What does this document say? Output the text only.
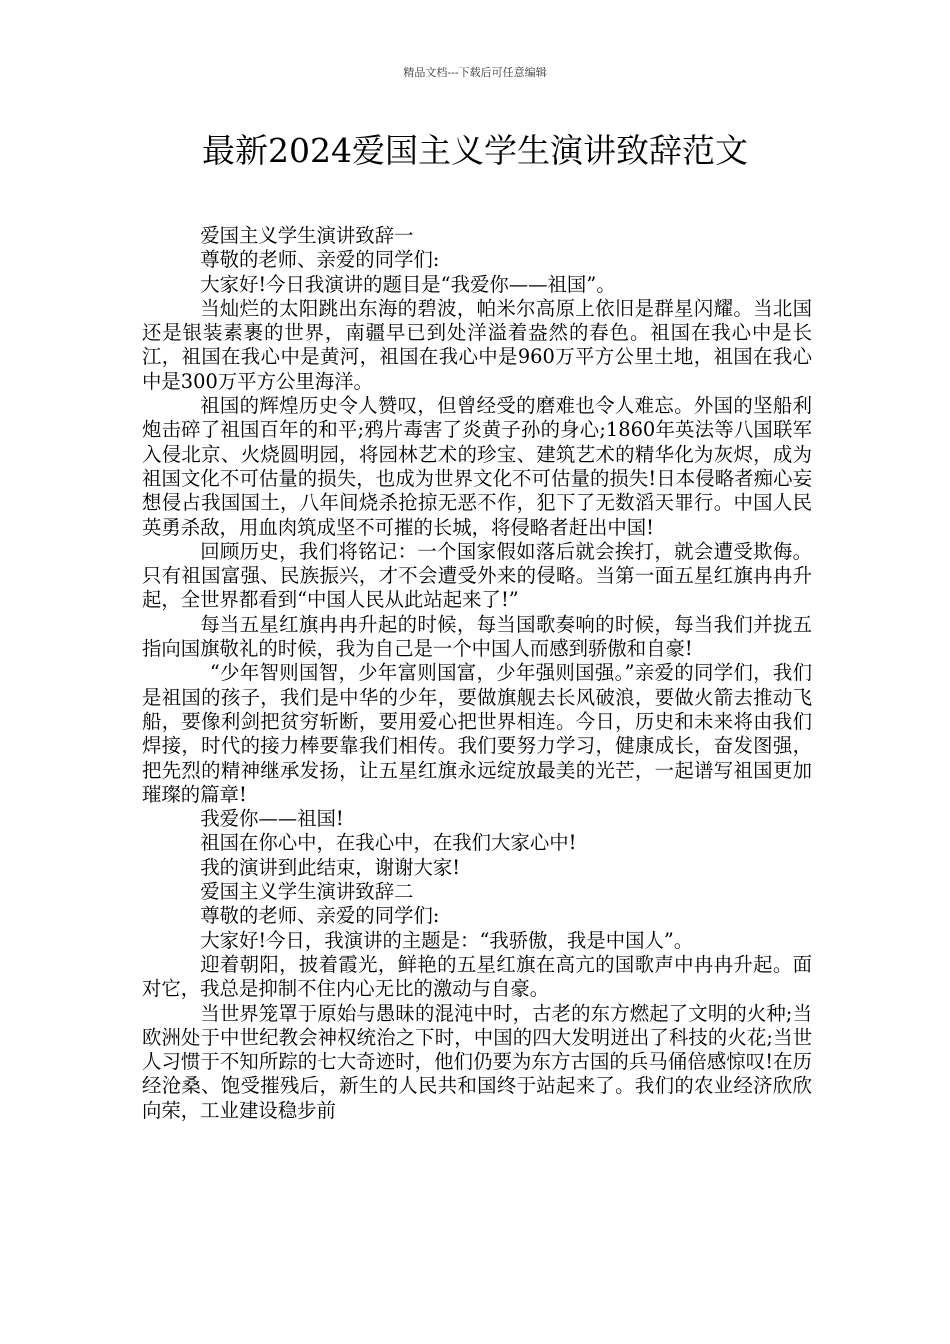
精品文档---下载后可任意编辑
最新2024爱国主义学生演讲致辞范文

爱国主义学生演讲致辞一

尊敬的老师、亲爱的同学们:

大家好!今日我演讲的题目是“我爱你——祖国”。

当灿烂的太阳跳出东海的碧波，帕米尔高原上依旧是群星闪耀。当北国还是银装素裹的世界，南疆早已到处洋溢着盎然的春色。祖国在我心中是长江，祖国在我心中是黄河，祖国在我心中是960万平方公里土地，祖国在我心中是300万平方公里海洋。

祖国的辉煌历史令人赞叹，但曾经受的磨难也令人难忘。外国的坚船利炮击碎了祖国百年的和平;鸦片毒害了炎黄子孙的身心;1860年英法等八国联军入侵北京、火烧圆明园，将园林艺术的珍宝、建筑艺术的精华化为灰烬，成为祖国文化不可估量的损失，也成为世界文化不可估量的损失!日本侵略者痴心妄想侵占我国国土，八年间烧杀抢掠无恶不作，犯下了无数滔天罪行。中国人民英勇杀敌，用血肉筑成坚不可摧的长城，将侵略者赶出中国!

回顾历史，我们将铭记：一个国家假如落后就会挨打，就会遭受欺侮。只有祖国富强、民族振兴，才不会遭受外来的侵略。当第一面五星红旗冉冉升起，全世界都看到“中国人民从此站起来了!”

每当五星红旗冉冉升起的时候，每当国歌奏响的时候，每当我们并拢五指向国旗敬礼的时候，我为自己是一个中国人而感到骄傲和自豪!

“少年智则国智，少年富则国富，少年强则国强。”亲爱的同学们，我们是祖国的孩子，我们是中华的少年，要做旗舰去长风破浪，要做火箭去推动飞船，要像利剑把贫穷斩断，要用爱心把世界相连。今日，历史和未来将由我们焊接，时代的接力棒要靠我们相传。我们要努力学习，健康成长，奋发图强，把先烈的精神继承发扬，让五星红旗永远绽放最美的光芒，一起谱写祖国更加璀璨的篇章!

我爱你——祖国!

祖国在你心中，在我心中，在我们大家心中!

我的演讲到此结束，谢谢大家!

爱国主义学生演讲致辞二

尊敬的老师、亲爱的同学们:

大家好!今日，我演讲的主题是：“我骄傲，我是中国人”。

迎着朝阳，披着霞光，鲜艳的五星红旗在高亢的国歌声中冉冉升起。面对它，我总是抑制不住内心无比的激动与自豪。

当世界笼罩于原始与愚昧的混沌中时，古老的东方燃起了文明的火种;当欧洲处于中世纪教会神权统治之下时，中国的四大发明迸出了科技的火花;当世人习惯于不知所踪的七大奇迹时，他们仍要为东方古国的兵马俑倍感惊叹!在历经沧桑、饱受摧残后，新生的人民共和国终于站起来了。我们的农业经济欣欣向荣，工业建设稳步前
